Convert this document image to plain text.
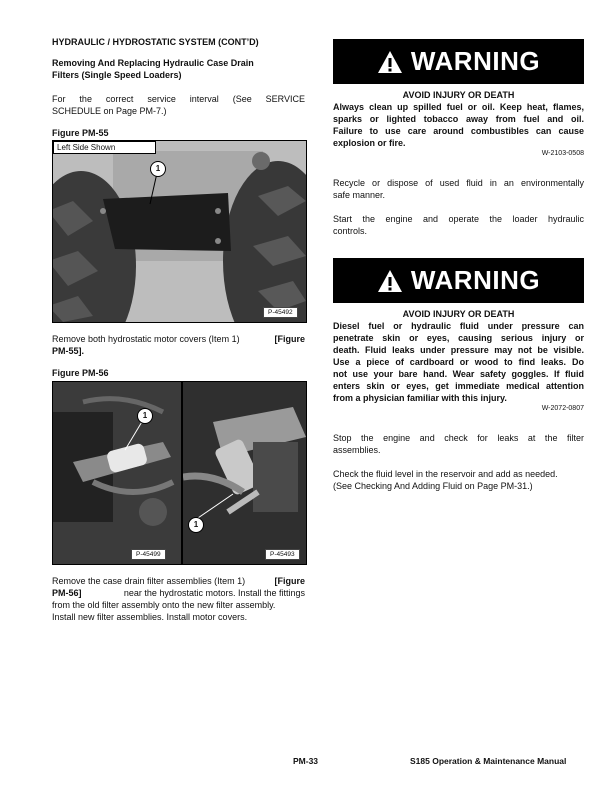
HYDRAULIC / HYDROSTATIC SYSTEM (CONT’D)
Removing And Replacing Hydraulic Case Drain
Filters (Single Speed Loaders)
For the correct service interval (See SERVICE
SCHEDULE on Page PM-7.)
Figure PM-55
Left Side Shown
1
P-45492
Remove both hydrostatic motor covers (Item 1)	[Figure
PM-55].
Figure PM-56
1
P-45499
1
P-45493
Remove the case drain filter assemblies (Item 1)	[Figure
PM-56]	near the hydrostatic motors. Install the fittings
from the old filter assembly onto the new filter assembly.
Install new filter assemblies. Install motor covers.
WARNING
AVOID INJURY OR DEATH
Always clean up spilled fuel or oil. Keep heat, flames,
sparks or lighted tobacco away from fuel and oil.
Failure to use care around combustibles can cause
explosion or fire.
W-2103-0508
Recycle or dispose of used fluid in an environmentally
safe manner.
Start the engine and operate the loader hydraulic
controls.
WARNING
AVOID INJURY OR DEATH
Diesel fuel or hydraulic fluid under pressure can
penetrate skin or eyes, causing serious injury or
death. Fluid leaks under pressure may not be visible.
Use a piece of cardboard or wood to find leaks. Do
not use your bare hand. Wear safety goggles. If fluid
enters skin or eyes, get immediate medical attention
from a physician familiar with this injury.
W-2072-0807
Stop the engine and check for leaks at the filter
assemblies.
Check the fluid level in the reservoir and add as needed.
(See Checking And Adding Fluid on Page PM-31.)
PM-33	S185 Operation & Maintenance Manual
